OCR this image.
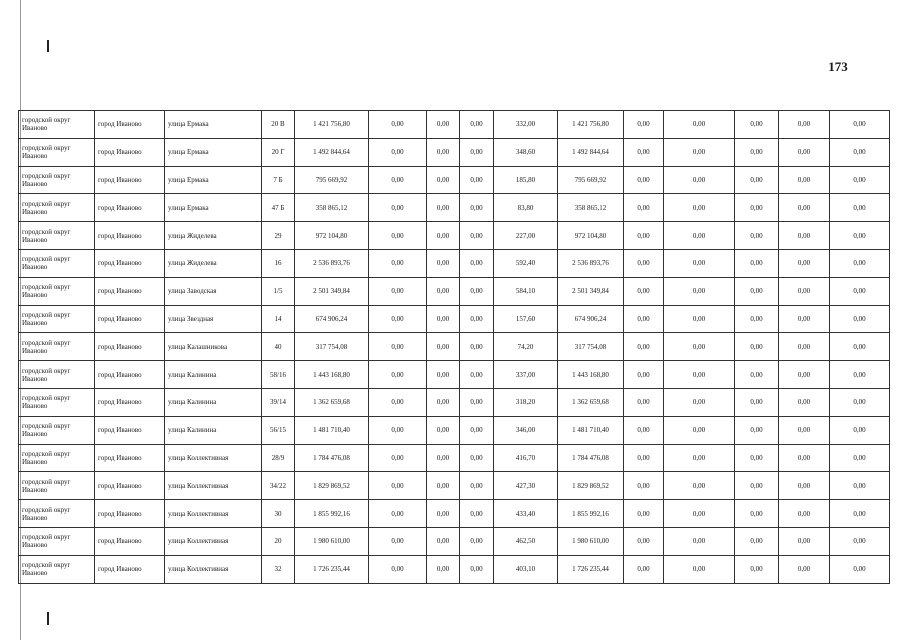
173
городской округ Иваново	город Иваново	улица Ермака	20 В	1 421 756,80	0,00	0,00	0,00	332,00	1 421 756,80	0,00	0,00	0,00	0,00	0,00
городской округ Иваново	город Иваново	улица Ермака	20 Г	1 492 844,64	0,00	0,00	0,00	348,60	1 492 844,64	0,00	0,00	0,00	0,00	0,00
городской округ Иваново	город Иваново	улица Ермака	7 Б	795 669,92	0,00	0,00	0,00	185,80	795 669,92	0,00	0,00	0,00	0,00	0,00
городской округ Иваново	город Иваново	улица Ермака	47 Б	358 865,12	0,00	0,00	0,00	83,80	358 865,12	0,00	0,00	0,00	0,00	0,00
городской округ Иваново	город Иваново	улица Жиделева	29	972 104,80	0,00	0,00	0,00	227,00	972 104,80	0,00	0,00	0,00	0,00	0,00
городской округ Иваново	город Иваново	улица Жиделева	16	2 536 893,76	0,00	0,00	0,00	592,40	2 536 893,76	0,00	0,00	0,00	0,00	0,00
городской округ Иваново	город Иваново	улица Заводская	1/5	2 501 349,84	0,00	0,00	0,00	584,10	2 501 349,84	0,00	0,00	0,00	0,00	0,00
городской округ Иваново	город Иваново	улица Звездная	14	674 906,24	0,00	0,00	0,00	157,60	674 906,24	0,00	0,00	0,00	0,00	0,00
городской округ Иваново	город Иваново	улица Калашникова	40	317 754,08	0,00	0,00	0,00	74,20	317 754,08	0,00	0,00	0,00	0,00	0,00
городской округ Иваново	город Иваново	улица Калинина	58/16	1 443 168,80	0,00	0,00	0,00	337,00	1 443 168,80	0,00	0,00	0,00	0,00	0,00
городской округ Иваново	город Иваново	улица Калинина	39/14	1 362 659,68	0,00	0,00	0,00	318,20	1 362 659,68	0,00	0,00	0,00	0,00	0,00
городской округ Иваново	город Иваново	улица Калинина	56/15	1 481 710,40	0,00	0,00	0,00	346,00	1 481 710,40	0,00	0,00	0,00	0,00	0,00
городской округ Иваново	город Иваново	улица Коллективная	28/9	1 784 476,08	0,00	0,00	0,00	416,70	1 784 476,08	0,00	0,00	0,00	0,00	0,00
городской округ Иваново	город Иваново	улица Коллективная	34/22	1 829 869,52	0,00	0,00	0,00	427,30	1 829 869,52	0,00	0,00	0,00	0,00	0,00
городской округ Иваново	город Иваново	улица Коллективная	30	1 855 992,16	0,00	0,00	0,00	433,40	1 855 992,16	0,00	0,00	0,00	0,00	0,00
городской округ Иваново	город Иваново	улица Коллективная	20	1 980 610,00	0,00	0,00	0,00	462,50	1 980 610,00	0,00	0,00	0,00	0,00	0,00
городской округ Иваново	город Иваново	улица Коллективная	32	1 726 235,44	0,00	0,00	0,00	403,10	1 726 235,44	0,00	0,00	0,00	0,00	0,00
